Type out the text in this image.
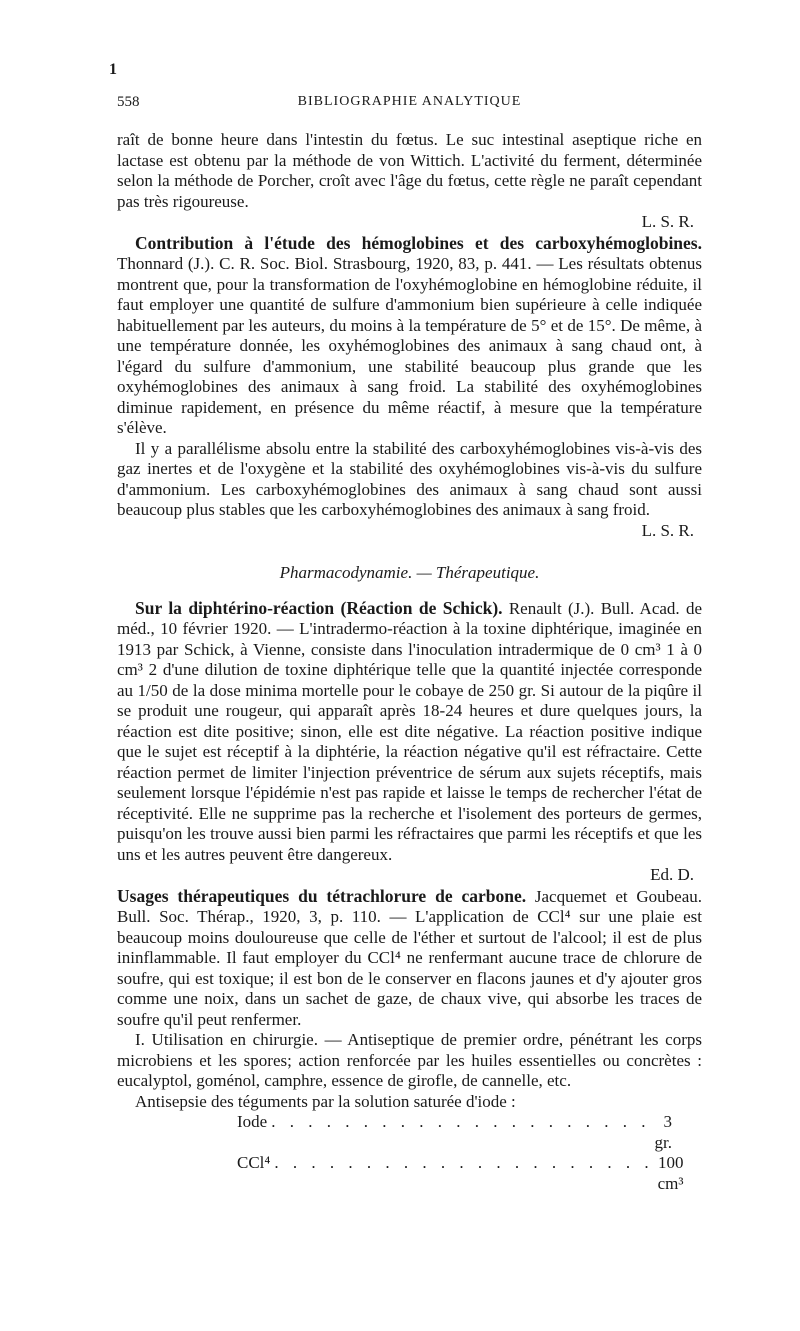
1
558	BIBLIOGRAPHIE ANALYTIQUE

raît de bonne heure dans l'intestin du fœtus. Le suc intestinal aseptique riche en lactase est obtenu par la méthode de von Wittich. L'activité du ferment, déterminée selon la méthode de Porcher, croît avec l'âge du fœtus, cette règle ne paraît cependant pas très rigoureuse.

L. S. R.

Contribution à l'étude des hémoglobines et des carboxyhémoglobines. Thonnard (J.). C. R. Soc. Biol. Strasbourg, 1920, 83, p. 441. — Les résultats obtenus montrent que, pour la transformation de l'oxyhémoglobine en hémoglobine réduite, il faut employer une quantité de sulfure d'ammonium bien supérieure à celle indiquée habituellement par les auteurs, du moins à la température de 5° et de 15°. De même, à une température donnée, les oxyhémoglobines des animaux à sang chaud ont, à l'égard du sulfure d'ammonium, une stabilité beaucoup plus grande que les oxyhémoglobines des animaux à sang froid. La stabilité des oxyhémoglobines diminue rapidement, en présence du même réactif, à mesure que la température s'élève.

Il y a parallélisme absolu entre la stabilité des carboxyhémoglobines vis-à-vis des gaz inertes et de l'oxygène et la stabilité des oxyhémoglobines vis-à-vis du sulfure d'ammonium. Les carboxyhémoglobines des animaux à sang chaud sont aussi beaucoup plus stables que les carboxyhémoglobines des animaux à sang froid.

L. S. R.

Pharmacodynamie. — Thérapeutique.

Sur la diphtérino-réaction (Réaction de Schick). Renault (J.). Bull. Acad. de méd., 10 février 1920. — L'intradermo-réaction à la toxine diphtérique, imaginée en 1913 par Schick, à Vienne, consiste dans l'inoculation intradermique de 0 cm³ 1 à 0 cm³ 2 d'une dilution de toxine diphtérique telle que la quantité injectée corresponde au 1/50 de la dose minima mortelle pour le cobaye de 250 gr. Si autour de la piqûre il se produit une rougeur, qui apparaît après 18-24 heures et dure quelques jours, la réaction est dite positive; sinon, elle est dite négative. La réaction positive indique que le sujet est réceptif à la diphtérie, la réaction négative qu'il est réfractaire. Cette réaction permet de limiter l'injection préventrice de sérum aux sujets réceptifs, mais seulement lorsque l'épidémie n'est pas rapide et laisse le temps de rechercher l'état de réceptivité. Elle ne supprime pas la recherche et l'isolement des porteurs de germes, puisqu'on les trouve aussi bien parmi les réfractaires que parmi les réceptifs et que les uns et les autres peuvent être dangereux.

Ed. D.

Usages thérapeutiques du tétrachlorure de carbone. Jacquemet et Goubeau. Bull. Soc. Thérap., 1920, 3, p. 110. — L'application de CCl⁴ sur une plaie est beaucoup moins douloureuse que celle de l'éther et surtout de l'alcool; il est de plus ininflammable. Il faut employer du CCl⁴ ne renfermant aucune trace de chlorure de soufre, qui est toxique; il est bon de le conserver en flacons jaunes et d'y ajouter gros comme une noix, dans un sachet de gaze, de chaux vive, qui absorbe les traces de soufre qu'il peut renfermer.

I. Utilisation en chirurgie. — Antiseptique de premier ordre, pénétrant les corps microbiens et les spores; action renforcée par les huiles essentielles ou concrètes : eucalyptol, goménol, camphre, essence de girofle, de cannelle, etc.

Antisepsie des téguments par la solution saturée d'iode :

Iode . . . . . . . . . . . . . . . . . . . . . 3 gr.
CCl⁴ . . . . . . . . . . . . . . . . . . . . . 100 cm³
